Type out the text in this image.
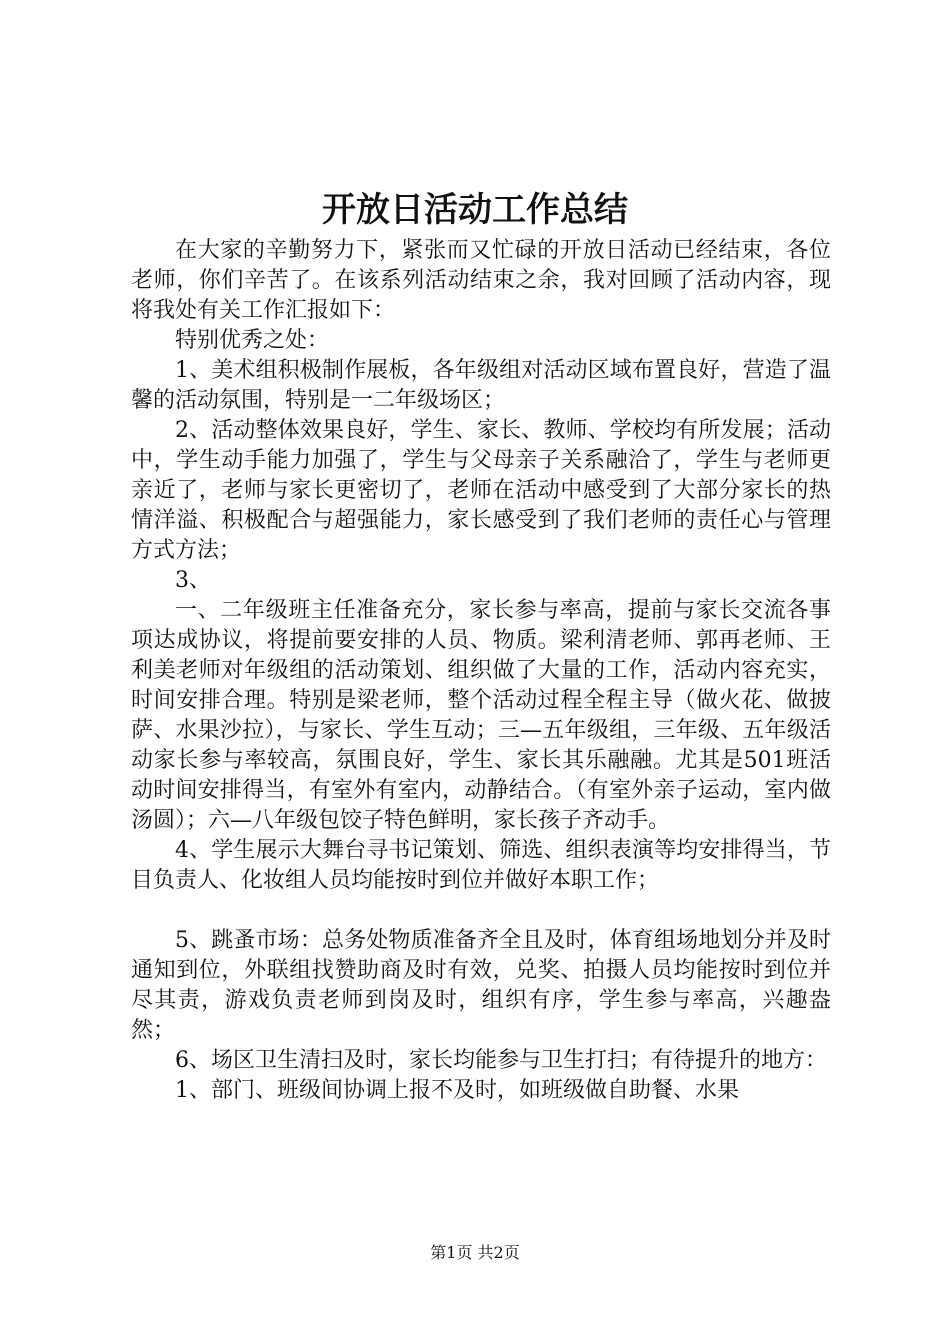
开放日活动工作总结

在大家的辛勤努力下，紧张而又忙碌的开放日活动已经结束，各位老师，你们辛苦了。在该系列活动结束之余，我对回顾了活动内容，现将我处有关工作汇报如下：

特别优秀之处：

1、美术组积极制作展板，各年级组对活动区域布置良好，营造了温馨的活动氛围，特别是一二年级场区；

2、活动整体效果良好，学生、家长、教师、学校均有所发展；活动中，学生动手能力加强了，学生与父母亲子关系融洽了，学生与老师更亲近了，老师与家长更密切了，老师在活动中感受到了大部分家长的热情洋溢、积极配合与超强能力，家长感受到了我们老师的责任心与管理方式方法；

3、

一、二年级班主任准备充分，家长参与率高，提前与家长交流各事项达成协议，将提前要安排的人员、物质。梁利清老师、郭再老师、王利美老师对年级组的活动策划、组织做了大量的工作，活动内容充实，时间安排合理。特别是梁老师，整个活动过程全程主导（做火花、做披萨、水果沙拉），与家长、学生互动；三—五年级组，三年级、五年级活动家长参与率较高，氛围良好，学生、家长其乐融融。尤其是501班活动时间安排得当，有室外有室内，动静结合。（有室外亲子运动，室内做汤圆）；六—八年级包饺子特色鲜明，家长孩子齐动手。

4、学生展示大舞台寻书记策划、筛选、组织表演等均安排得当，节目负责人、化妆组人员均能按时到位并做好本职工作；

5、跳蚤市场：总务处物质准备齐全且及时，体育组场地划分并及时通知到位，外联组找赞助商及时有效，兑奖、拍摄人员均能按时到位并尽其责，游戏负责老师到岗及时，组织有序，学生参与率高，兴趣盎然；

6、场区卫生清扫及时，家长均能参与卫生打扫；有待提升的地方：

1、部门、班级间协调上报不及时，如班级做自助餐、水果

第1页 共2页
